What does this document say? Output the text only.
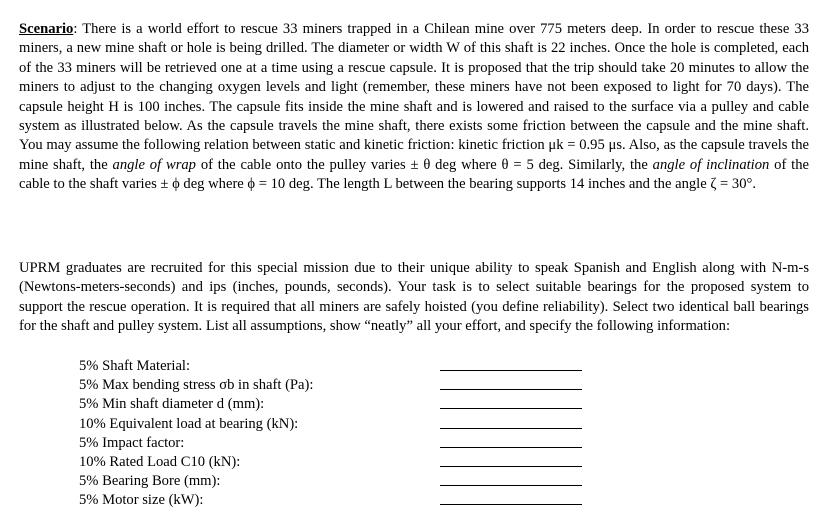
Scenario: There is a world effort to rescue 33 miners trapped in a Chilean mine over 775 meters deep. In order to rescue these 33 miners, a new mine shaft or hole is being drilled. The diameter or width W of this shaft is 22 inches. Once the hole is completed, each of the 33 miners will be retrieved one at a time using a rescue capsule. It is proposed that the trip should take 20 minutes to allow the miners to adjust to the changing oxygen levels and light (remember, these miners have not been exposed to light for 70 days). The capsule height H is 100 inches. The capsule fits inside the mine shaft and is lowered and raised to the surface via a pulley and cable system as illustrated below. As the capsule travels the mine shaft, there exists some friction between the capsule and the mine shaft. You may assume the following relation between static and kinetic friction: kinetic friction μk = 0.95 μs. Also, as the capsule travels the mine shaft, the angle of wrap of the cable onto the pulley varies ± θ deg where θ = 5 deg. Similarly, the angle of inclination of the cable to the shaft varies ± ϕ deg where ϕ = 10 deg. The length L between the bearing supports 14 inches and the angle ζ = 30°.

UPRM graduates are recruited for this special mission due to their unique ability to speak Spanish and English along with N-m-s (Newtons-meters-seconds) and ips (inches, pounds, seconds). Your task is to select suitable bearings for the proposed system to support the rescue operation. It is required that all miners are safely hoisted (you define reliability). Select two identical ball bearings for the shaft and pulley system. List all assumptions, show “neatly” all your effort, and specify the following information:

5% Shaft Material:
5% Max bending stress σb in shaft (Pa):
5% Min shaft diameter d (mm):
10% Equivalent load at bearing (kN):
5% Impact factor:
10% Rated Load C10 (kN):
5% Bearing Bore (mm):
5% Motor size (kW):
